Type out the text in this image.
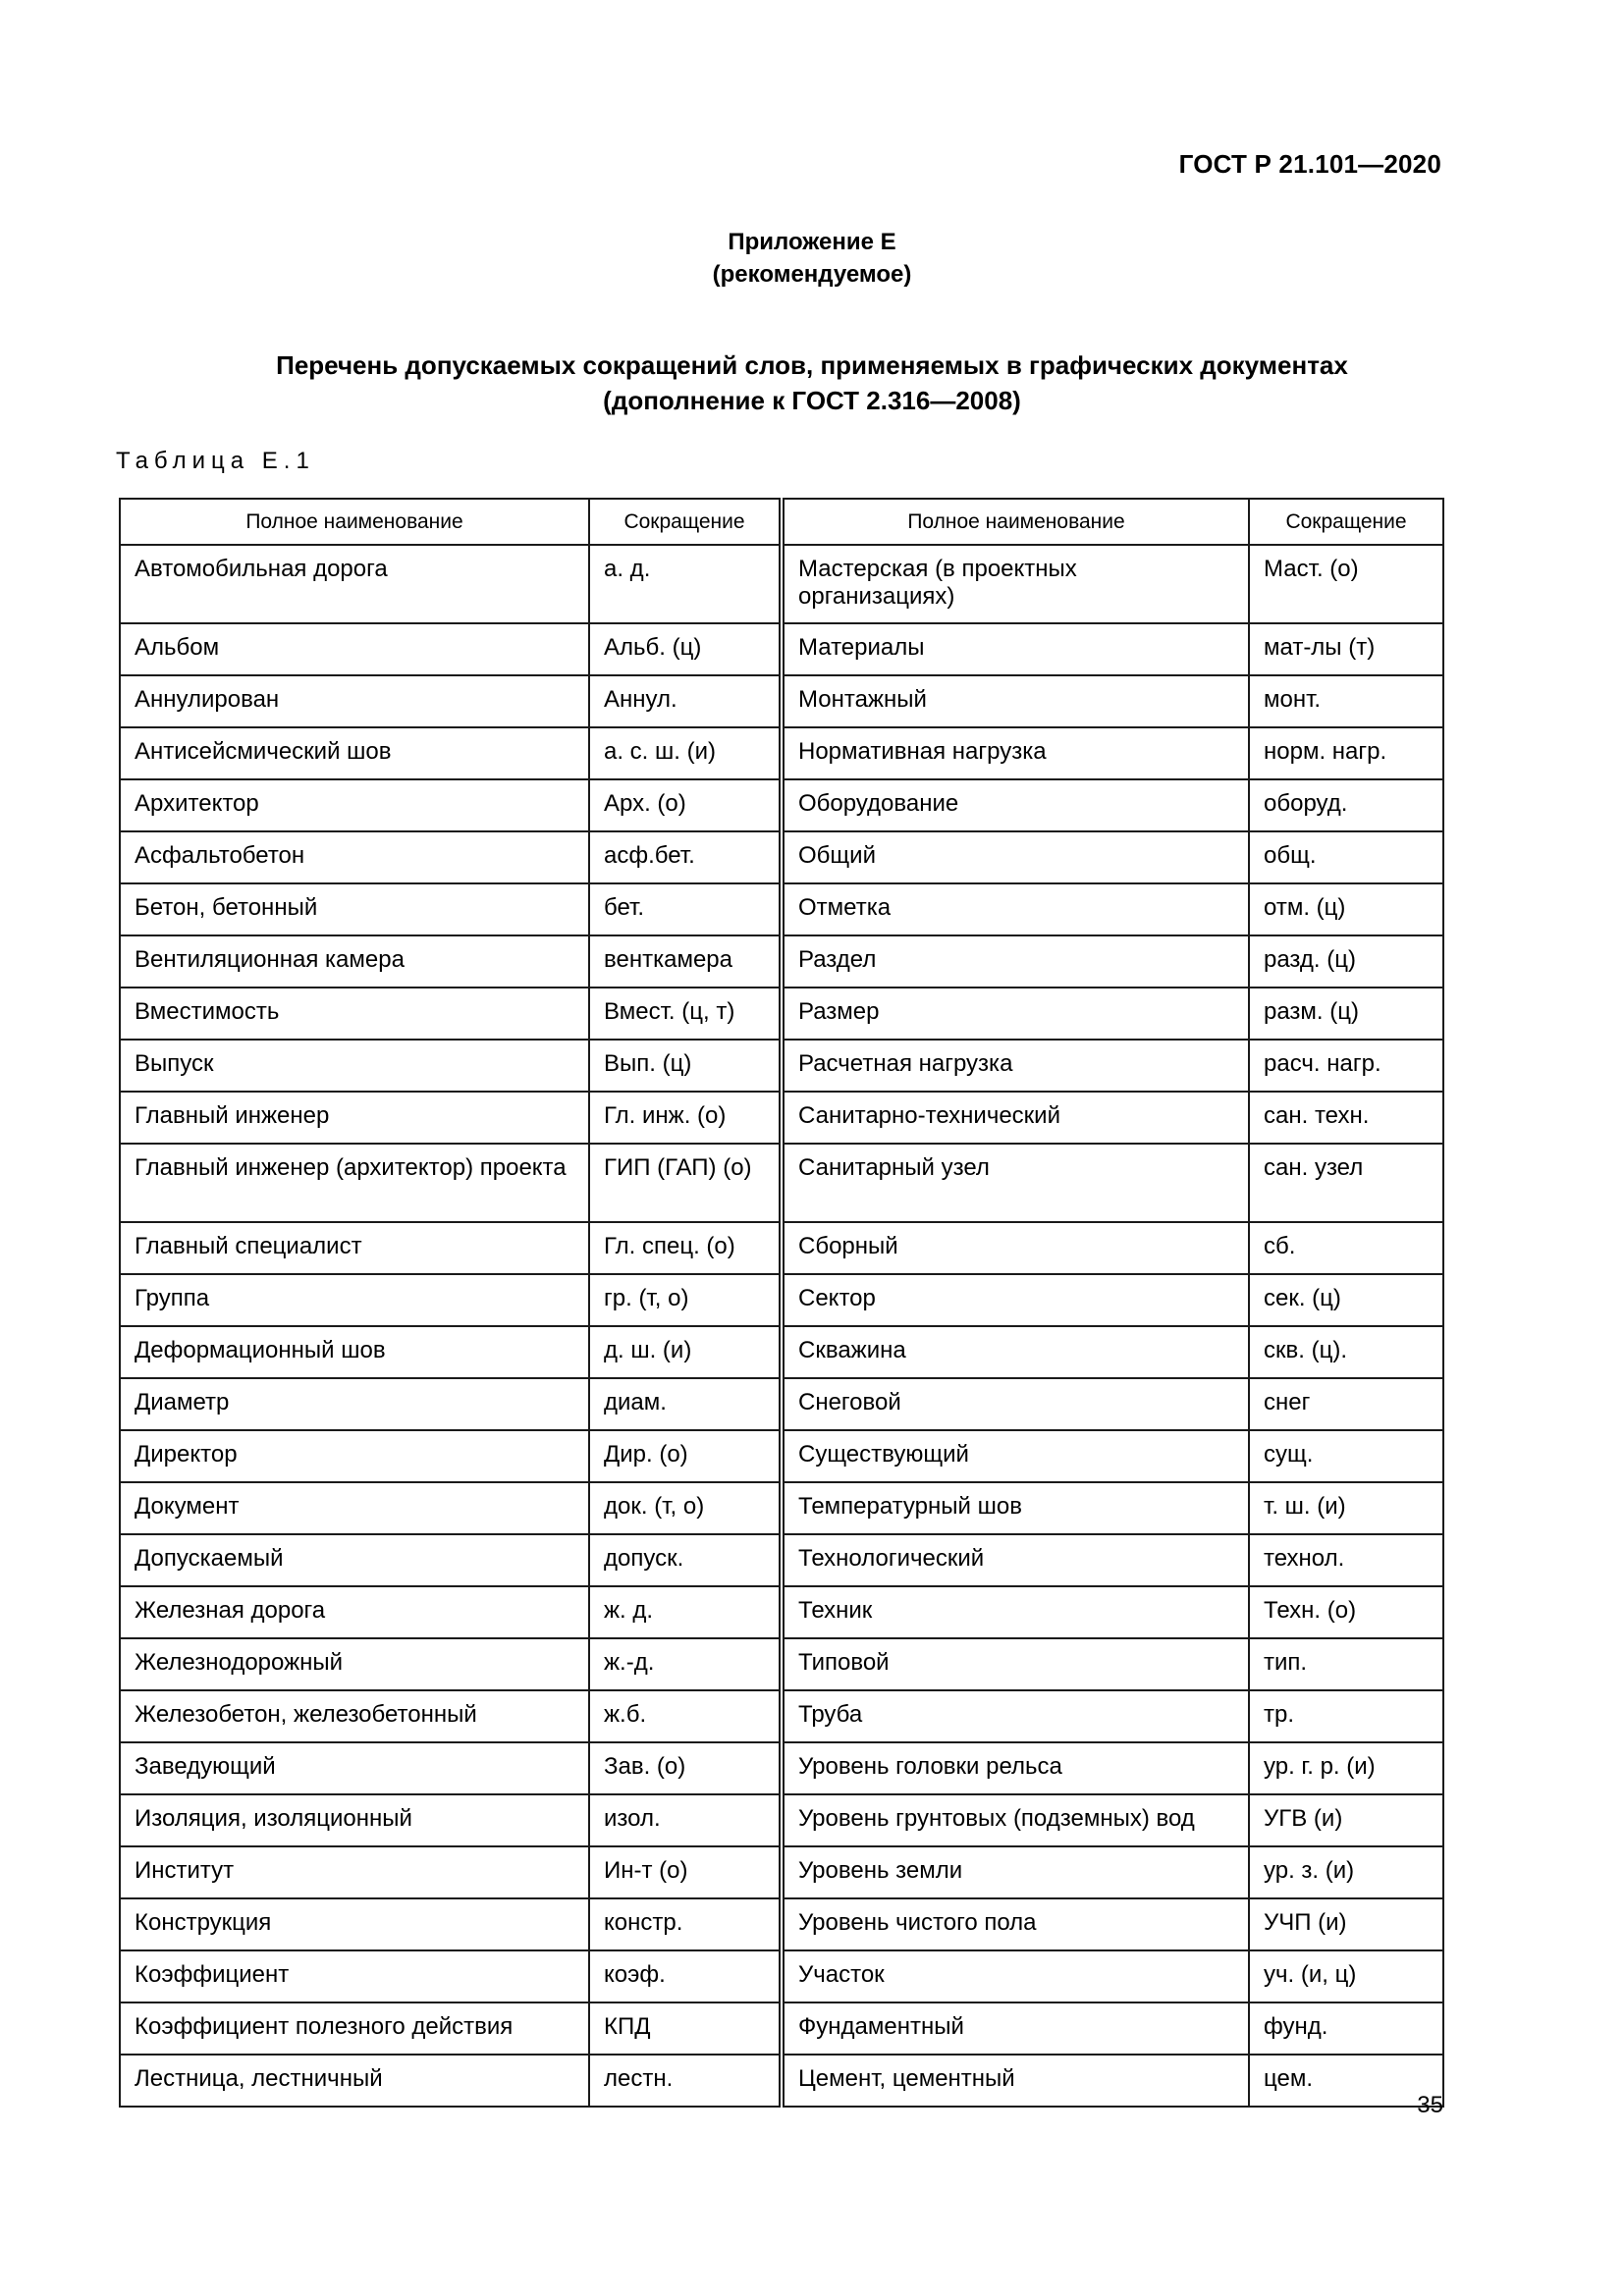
ГОСТ Р 21.101—2020
Приложение Е
(рекомендуемое)
Перечень допускаемых сокращений слов, применяемых в графических документах
(дополнение к ГОСТ 2.316—2008)
Таблица Е.1
Полное наименование	Сокращение	Полное наименование	Сокращение
Автомобильная дорога	а. д.	Мастерская (в проектных организациях)	Маст. (о)
Альбом	Альб. (ц)	Материалы	мат-лы (т)
Аннулирован	Аннул.	Монтажный	монт.
Антисейсмический шов	а. с. ш. (и)	Нормативная нагрузка	норм. нагр.
Архитектор	Арх. (о)	Оборудование	оборуд.
Асфальтобетон	асф.бет.	Общий	общ.
Бетон, бетонный	бет.	Отметка	отм. (ц)
Вентиляционная камера	венткамера	Раздел	разд. (ц)
Вместимость	Вмест. (ц, т)	Размер	разм. (ц)
Выпуск	Вып. (ц)	Расчетная нагрузка	расч. нагр.
Главный инженер	Гл. инж. (о)	Санитарно-технический	сан. техн.
Главный инженер (архитектор) проекта	ГИП (ГАП) (о)	Санитарный узел	сан. узел
Главный специалист	Гл. спец. (о)	Сборный	сб.
Группа	гр. (т, о)	Сектор	сек. (ц)
Деформационный шов	д. ш. (и)	Скважина	скв. (ц).
Диаметр	диам.	Снеговой	снег
Директор	Дир. (о)	Существующий	сущ.
Документ	док. (т, о)	Температурный шов	т. ш. (и)
Допускаемый	допуск.	Технологический	технол.
Железная дорога	ж. д.	Техник	Техн. (о)
Железнодорожный	ж.-д.	Типовой	тип.
Железобетон, железобетонный	ж.б.	Труба	тр.
Заведующий	Зав. (о)	Уровень головки рельса	ур. г. р. (и)
Изоляция, изоляционный	изол.	Уровень грунтовых (подземных) вод	УГВ (и)
Институт	Ин-т (о)	Уровень земли	ур. з. (и)
Конструкция	констр.	Уровень чистого пола	УЧП (и)
Коэффициент	коэф.	Участок	уч. (и, ц)
Коэффициент полезного действия	КПД	Фундаментный	фунд.
Лестница, лестничный	лестн.	Цемент, цементный	цем.
35
